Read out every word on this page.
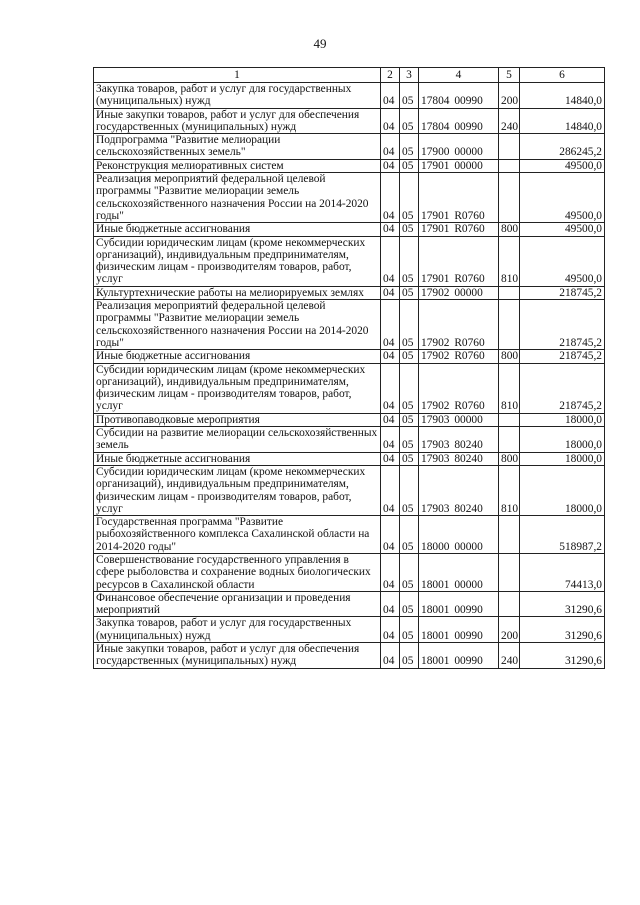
49
1	2	3	4	5	6
Закупка товаров, работ и услуг для государственных (муниципальных) нужд	04	05	17804 00990	200	14840,0
Иные закупки товаров, работ и услуг для обеспечения государственных (муниципальных) нужд	04	05	17804 00990	240	14840,0
Подпрограмма "Развитие мелиорации сельскохозяйственных земель"	04	05	17900 00000		286245,2
Реконструкция мелиоративных систем	04	05	17901 00000		49500,0
Реализация мероприятий федеральной целевой программы "Развитие мелиорации земель сельскохозяйственного назначения России на 2014-2020 годы"	04	05	17901 R0760		49500,0
Иные бюджетные ассигнования	04	05	17901 R0760	800	49500,0
Субсидии юридическим лицам (кроме некоммерческих организаций), индивидуальным предпринимателям, физическим лицам - производителям товаров, работ, услуг	04	05	17901 R0760	810	49500,0
Культуртехнические работы на мелиорируемых землях	04	05	17902 00000		218745,2
Реализация мероприятий федеральной целевой программы "Развитие мелиорации земель сельскохозяйственного назначения России на 2014-2020 годы"	04	05	17902 R0760		218745,2
Иные бюджетные ассигнования	04	05	17902 R0760	800	218745,2
Субсидии юридическим лицам (кроме некоммерческих организаций), индивидуальным предпринимателям, физическим лицам - производителям товаров, работ, услуг	04	05	17902 R0760	810	218745,2
Противопаводковые мероприятия	04	05	17903 00000		18000,0
Субсидии на развитие мелиорации сельскохозяйственных земель	04	05	17903 80240		18000,0
Иные бюджетные ассигнования	04	05	17903 80240	800	18000,0
Субсидии юридическим лицам (кроме некоммерческих организаций), индивидуальным предпринимателям, физическим лицам - производителям товаров, работ, услуг	04	05	17903 80240	810	18000,0
Государственная программа "Развитие рыбохозяйственного комплекса Сахалинской области на 2014-2020 годы"	04	05	18000 00000		518987,2
Совершенствование государственного управления в сфере рыболовства и сохранение водных биологических ресурсов в Сахалинской области	04	05	18001 00000		74413,0
Финансовое обеспечение организации и проведения мероприятий	04	05	18001 00990		31290,6
Закупка товаров, работ и услуг для государственных (муниципальных) нужд	04	05	18001 00990	200	31290,6
Иные закупки товаров, работ и услуг для обеспечения государственных (муниципальных) нужд	04	05	18001 00990	240	31290,6
